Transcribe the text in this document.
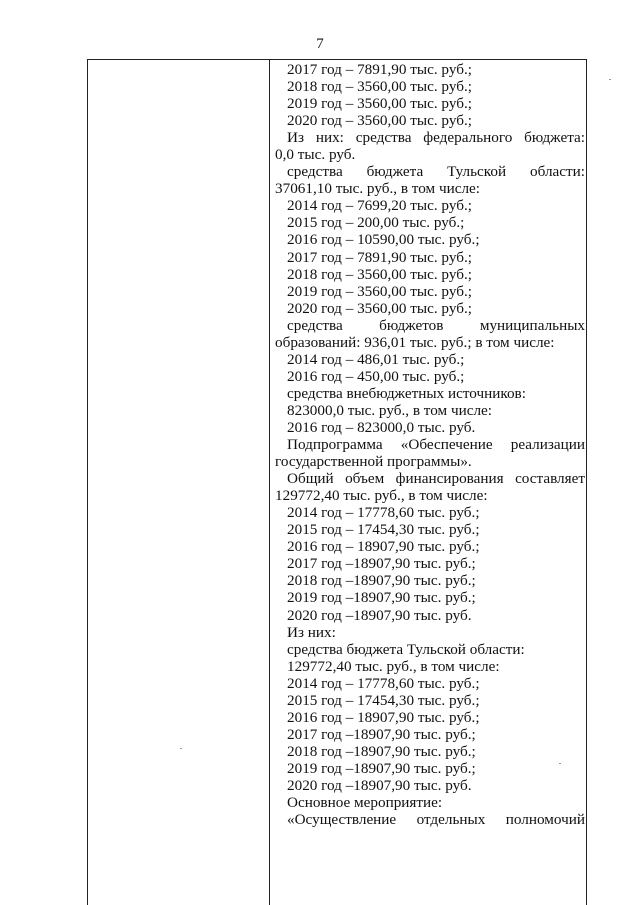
7
2017 год – 7891,90 тыс. руб.;
2018 год – 3560,00 тыс. руб.;
2019 год – 3560,00 тыс. руб.;
2020 год – 3560,00 тыс. руб.;
Из них: средства федерального бюджета:
0,0 тыс. руб.
средства бюджета Тульской области:
37061,10 тыс. руб., в том числе:
2014 год – 7699,20 тыс. руб.;
2015 год – 200,00 тыс. руб.;
2016 год – 10590,00 тыс. руб.;
2017 год – 7891,90 тыс. руб.;
2018 год – 3560,00 тыс. руб.;
2019 год – 3560,00 тыс. руб.;
2020 год – 3560,00 тыс. руб.;
средства бюджетов муниципальных
образований: 936,01 тыс. руб.; в том числе:
2014 год – 486,01 тыс. руб.;
2016 год – 450,00 тыс. руб.;
средства внебюджетных источников:
823000,0 тыс. руб., в том числе:
2016 год – 823000,0 тыс. руб.
Подпрограмма «Обеспечение реализации
государственной программы».
Общий объем финансирования составляет
129772,40 тыс. руб., в том числе:
2014 год – 17778,60 тыс. руб.;
2015 год – 17454,30 тыс. руб.;
2016 год – 18907,90 тыс. руб.;
2017 год –18907,90 тыс. руб.;
2018 год –18907,90 тыс. руб.;
2019 год –18907,90 тыс. руб.;
2020 год –18907,90 тыс. руб.
Из них:
средства бюджета Тульской области:
129772,40 тыс. руб., в том числе:
2014 год – 17778,60 тыс. руб.;
2015 год – 17454,30 тыс. руб.;
2016 год – 18907,90 тыс. руб.;
2017 год –18907,90 тыс. руб.;
2018 год –18907,90 тыс. руб.;
2019 год –18907,90 тыс. руб.;
2020 год –18907,90 тыс. руб.
Основное мероприятие:
«Осуществление отдельных полномочий
